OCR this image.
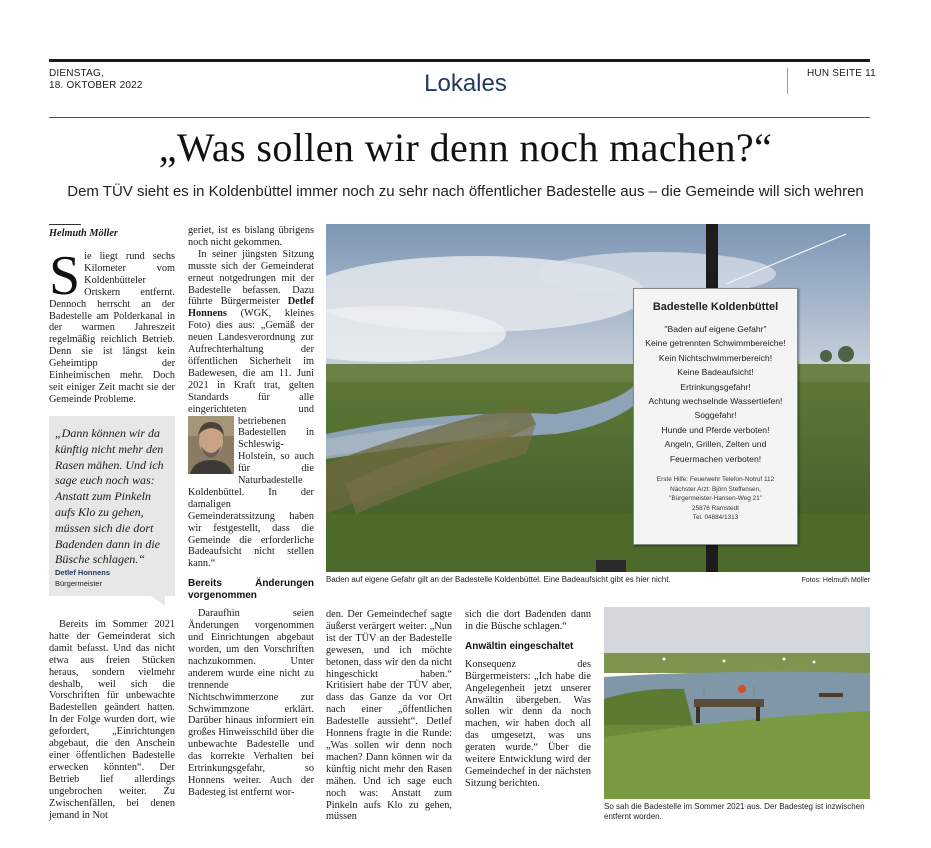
DIENSTAG,
18. OKTOBER 2022	Lokales	HUN SEITE 11
„Was sollen wir denn noch machen?“
Dem TÜV sieht es in Koldenbüttel immer noch zu sehr nach öffentlicher Badestelle aus – die Gemeinde will sich wehren
Helmuth Möller
Sie liegt rund sechs Kilometer vom Koldenbütteler Ortskern entfernt. Dennoch herrscht an der Badestelle am Polderkanal in der warmen Jahreszeit regelmäßig reichlich Betrieb. Denn sie ist längst kein Geheimtipp der Einheimischen mehr. Doch seit einiger Zeit macht sie der Gemeinde Probleme.
„Dann können wir da künftig nicht mehr den Rasen mähen. Und ich sage euch noch was: Anstatt zum Pinkeln aufs Klo zu gehen, müssen sich die dort Badenden dann in die Büsche schlagen.“
Detlef Honnens
Bürgermeister

Bereits im Sommer 2021 hatte der Gemeinderat sich damit befasst. Und das nicht etwa aus freien Stücken heraus, sondern vielmehr deshalb, weil sich die Vorschriften für unbewachte Badestellen geändert hatten. In der Folge wurden dort, wie gefordert, „Einrichtungen abgebaut, die den Anschein einer öffentlichen Badestelle erwecken könnten“. Der Betrieb lief allerdings ungebrochen weiter. Zu Zwischenfällen, bei denen jemand in Not

geriet, ist es bislang übrigens noch nicht gekommen.

In seiner jüngsten Sitzung musste sich der Gemeinderat erneut notgedrungen mit der Badestelle befassen. Dazu führte Bürgermeister Detlef Honnens (WGK, kleines Foto) dies aus: „Gemäß der neuen Landesverordnung zur Aufrechterhaltung der öffentlichen Sicherheit im Badewesen, die am 11. Juni 2021 in Kraft trat, gelten Standards für alle eingerichteten und betriebenen Badestellen in Schleswig-Holstein, so auch für die Naturbadestelle Koldenbüttel. In der damaligen Gemeinderatssitzung haben wir festgestellt, dass die Gemeinde die erforderliche Badeaufsicht nicht stellen kann.“

Bereits Änderungen vorgenommen

Daraufhin seien Änderungen vorgenommen und Einrichtungen abgebaut worden, um den Vorschriften nachzukommen. Unter anderem wurde eine nicht zu trennende Nichtschwimmerzone zur Schwimmzone erklärt. Darüber hinaus informiert ein großes Hinweisschild über die unbewachte Badestelle und das korrekte Verhalten bei Ertrinkungsgefahr, so Honnens weiter. Auch der Badesteg ist entfernt wor-

Badestelle Koldenbüttel
"Baden auf eigene Gefahr"
Keine getrennten Schwimmbereiche!
Kein Nichtschwimmerbereich!
Keine Badeaufsicht!
Ertrinkungsgefahr!
Achtung wechselnde Wassertiefen!
Soggefahr!
Hunde und Pferde verboten!
Angeln, Grillen, Zelten und
Feuermachen verboten!
Erste Hilfe: Feuerwehr Telefon-Notruf 112
Nächster Arzt: Björn Steffensen,
"Bürgermeister-Hansen-Weg 21"
25876 Ramstedt
Tel. 04884/1313
Baden auf eigene Gefahr gilt an der Badestelle Koldenbüttel. Eine Badeaufsicht gibt es hier nicht.	Fotos: Helmuth Möller

den. Der Gemeindechef sagte äußerst verärgert weiter: „Nun ist der TÜV an der Badestelle gewesen, und ich möchte betonen, dass wir den da nicht hingeschickt haben.“ Kritisiert habe der TÜV aber, dass das Ganze da vor Ort nach einer „öffentlichen Badestelle aussieht“. Detlef Honnens fragte in die Runde: „Was sollen wir denn noch machen? Dann können wir da künftig nicht mehr den Rasen mähen. Und ich sage euch noch was: Anstatt zum Pinkeln aufs Klo zu gehen, müssen

sich die dort Badenden dann in die Büsche schlagen.“

Anwältin eingeschaltet

Konsequenz des Bürgermeisters: „Ich habe die Angelegenheit jetzt unserer Anwältin übergeben. Was sollen wir denn da noch machen, wir haben doch all das umgesetzt, was uns geraten wurde.“ Über die weitere Entwicklung wird der Gemeindechef in der nächsten Sitzung berichten.

So sah die Badestelle im Sommer 2021 aus. Der Badesteg ist inzwischen entfernt worden.
